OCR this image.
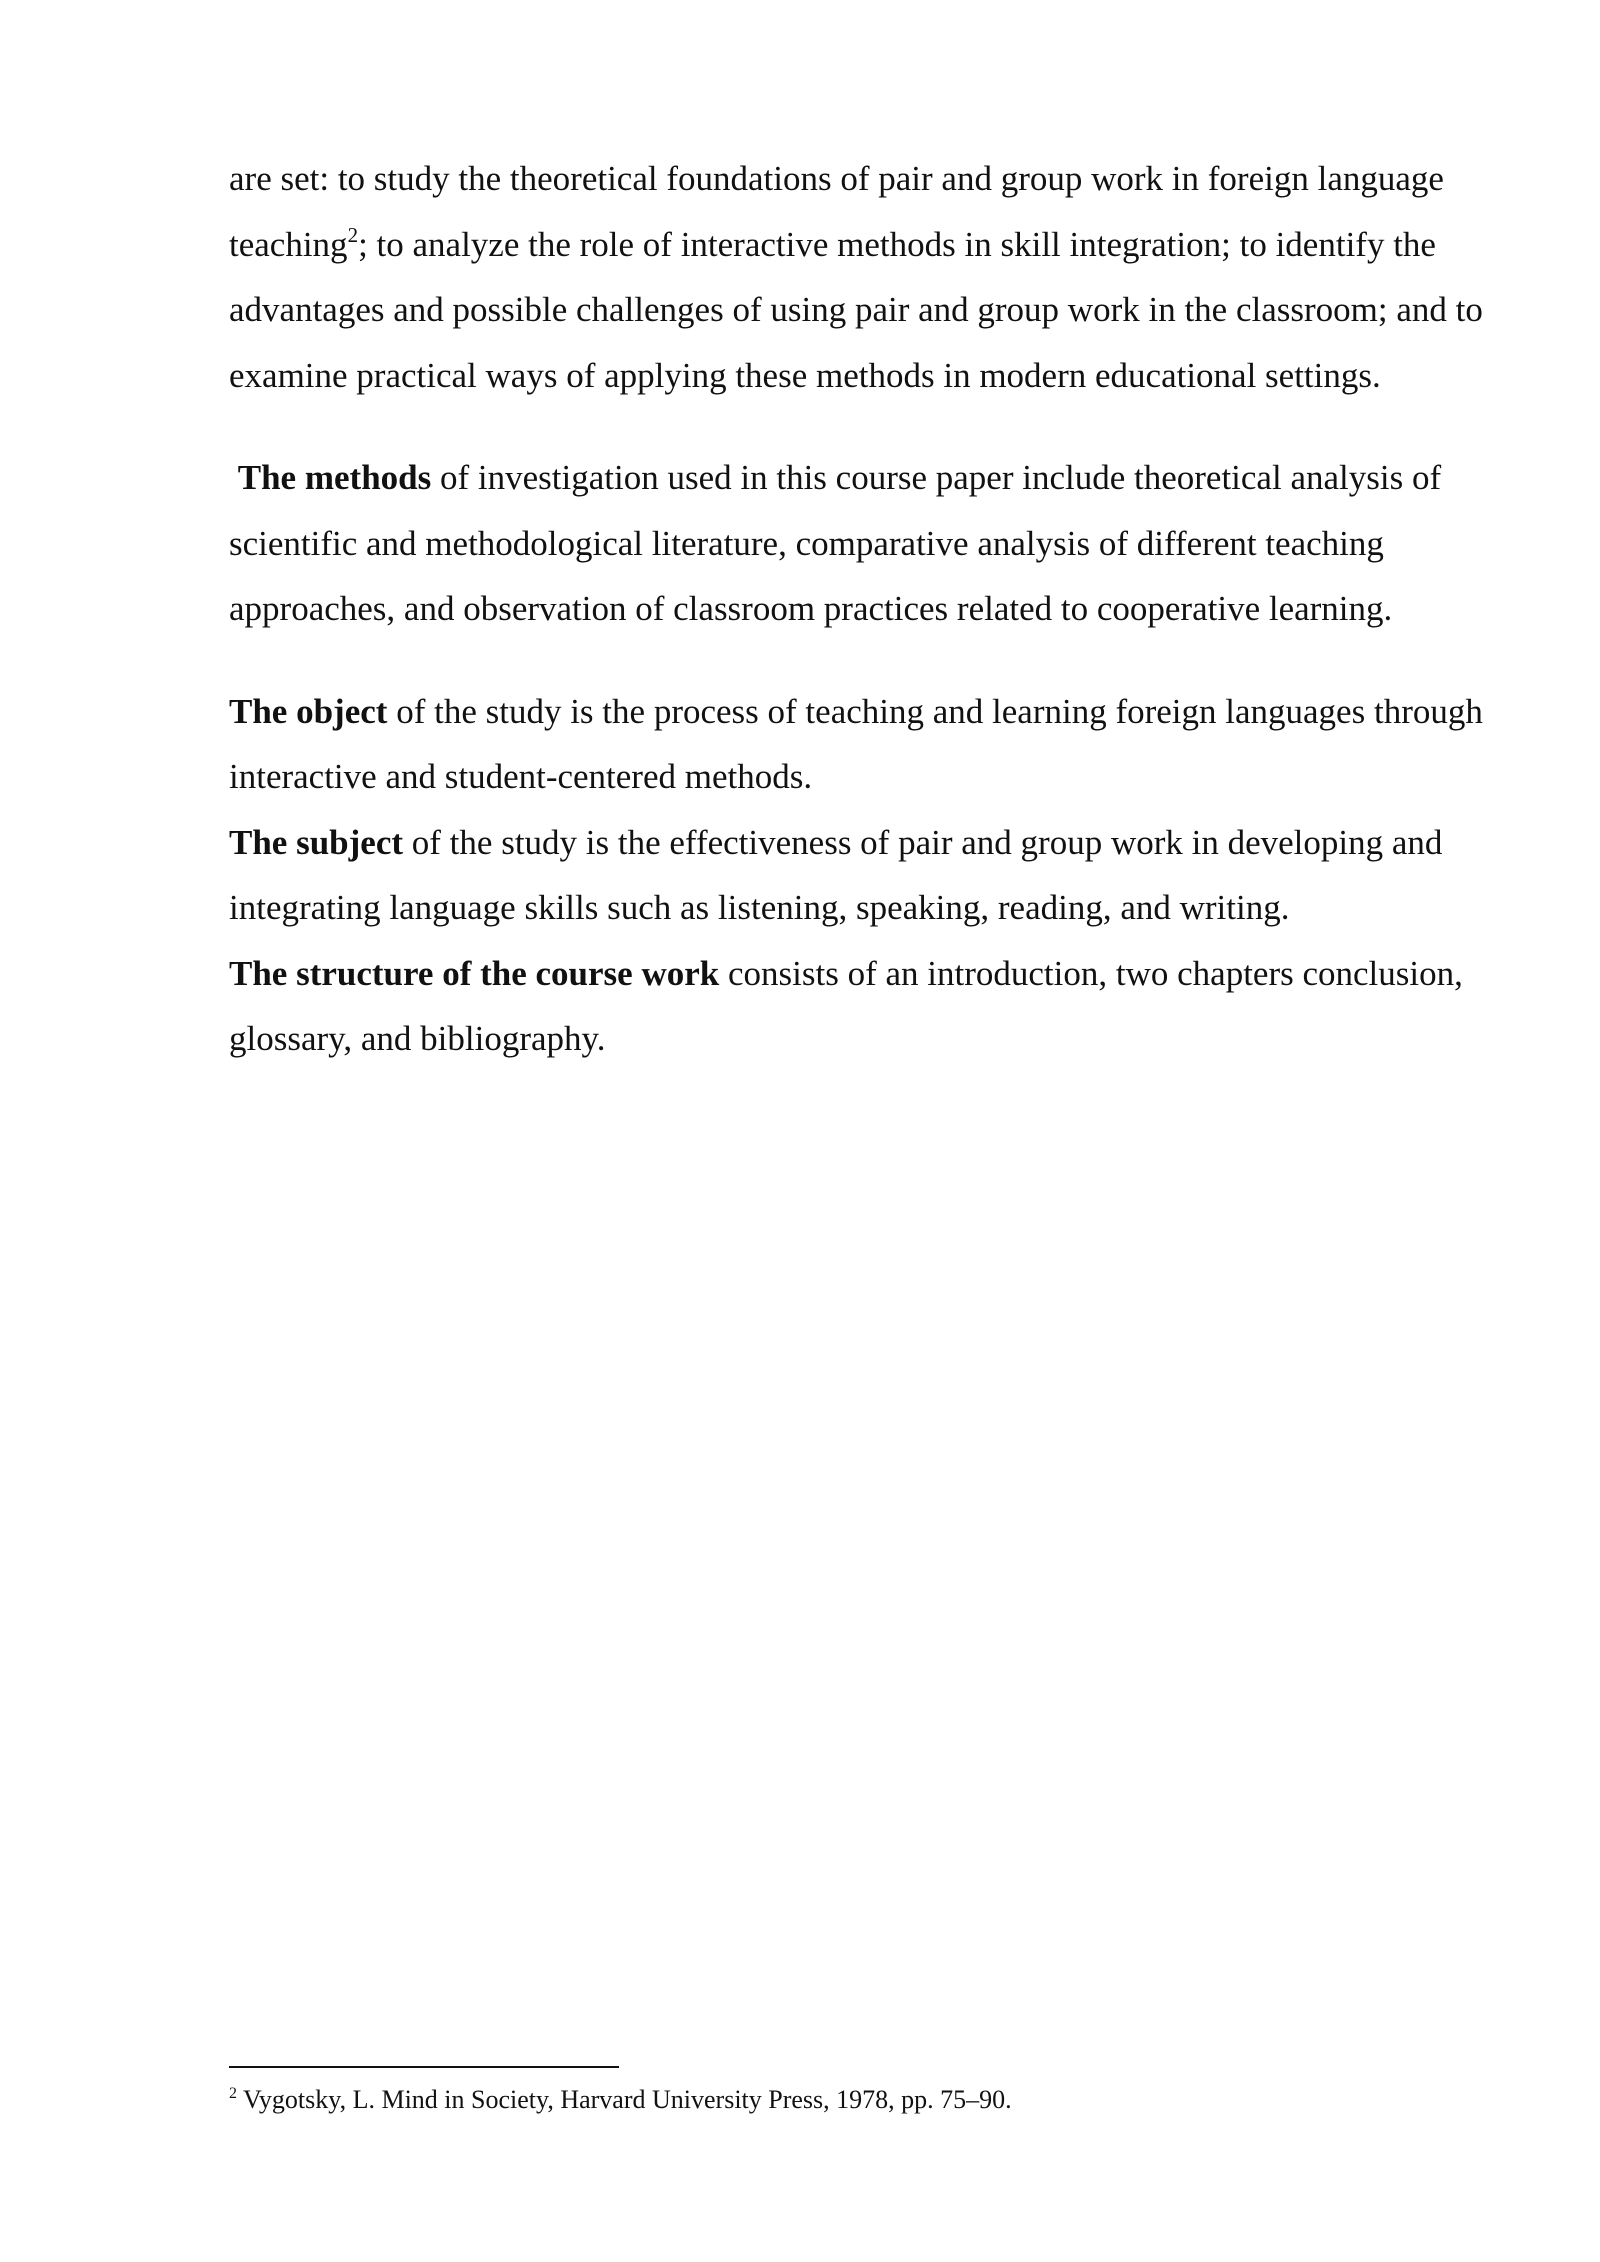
are set: to study the theoretical foundations of pair and group work in foreign language teaching$^2$; to analyze the role of interactive methods in skill integration; to identify the advantages and possible challenges of using pair and group work in the classroom; and to examine practical ways of applying these methods in modern educational settings.

The methods of investigation used in this course paper include theoretical analysis of scientific and methodological literature, comparative analysis of different teaching approaches, and observation of classroom practices related to cooperative learning.

The object of the study is the process of teaching and learning foreign languages through interactive and student-centered methods.

The subject of the study is the effectiveness of pair and group work in developing and integrating language skills such as listening, speaking, reading, and writing.

The structure of the course work consists of an introduction, two chapters conclusion, glossary, and bibliography.

$^2$ Vygotsky, L. Mind in Society, Harvard University Press, 1978, pp. 75–90.
